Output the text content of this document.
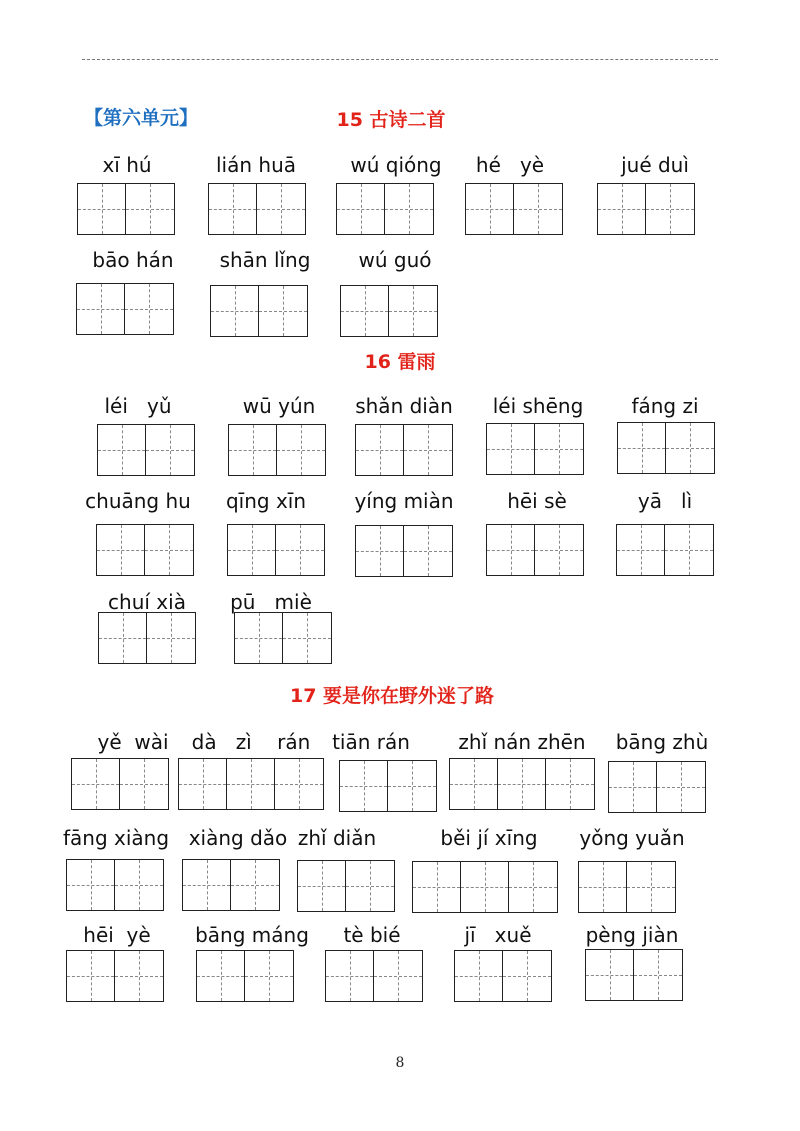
【第六单元】	15 古诗二首
xī hú	lián huā	wú qióng hé   yè	jué duì
bāo hán shān lǐng wú guó
16 雷雨
léi   yǔ	wū yún shǎn diàn léi shēng fáng zi
chuāng hu qīng xīn yíng miàn	hēi sè	yā   lì
chuí xià pū   miè
17 要是你在野外迷了路
yě  wài dà   zì    rán tiān rán zhǐ nán zhēn bāng zhù
fāng xiàng xiàng dǎo zhǐ diǎn	běi jí xīng yǒng yuǎn
hēi  yè bāng máng tè bié	jī   xuě	pèng jiàn
8
